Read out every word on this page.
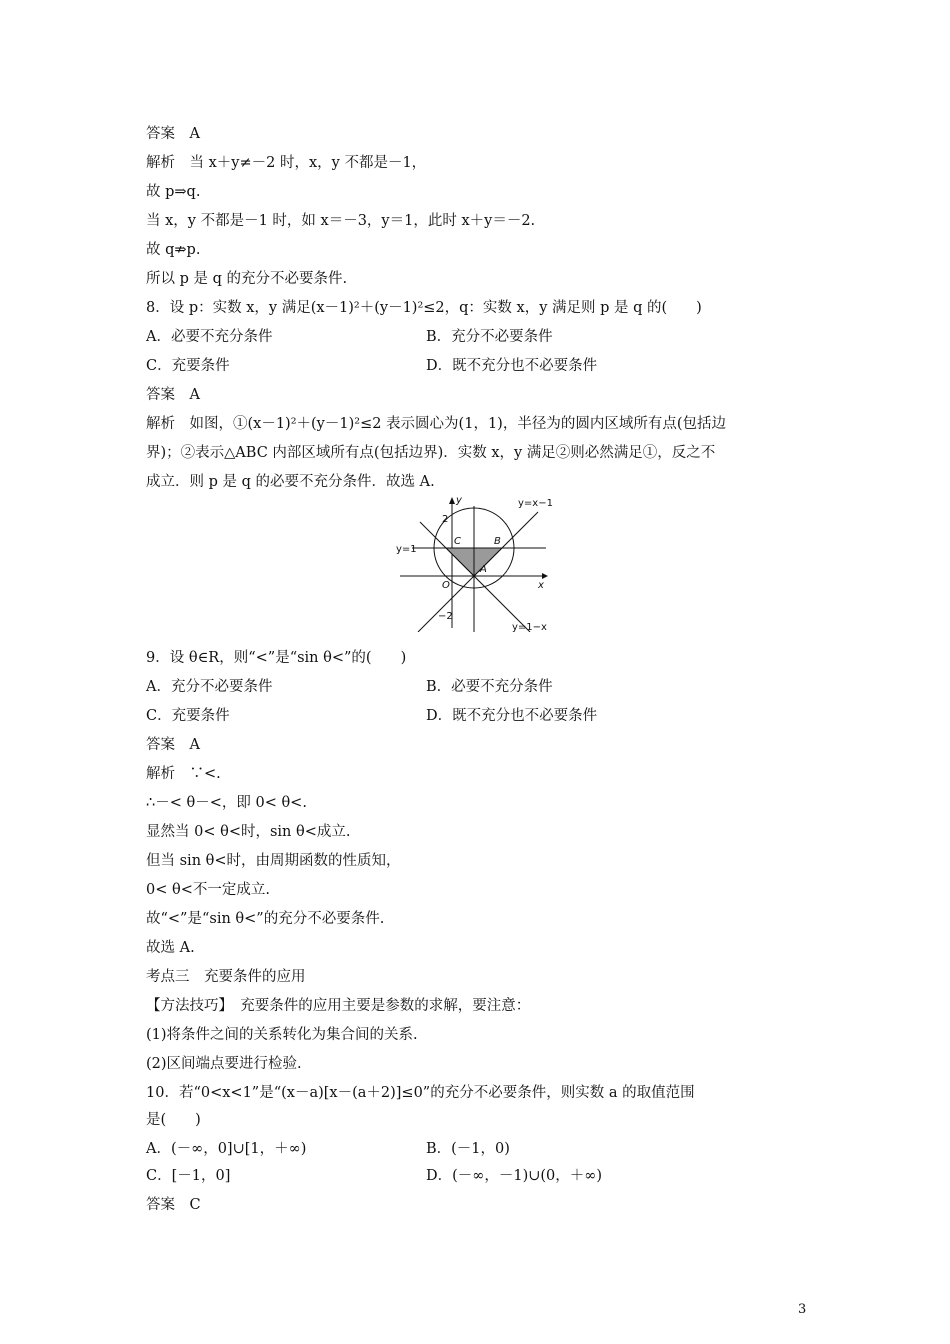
答案　A
解析　当 x＋y≠－2 时，x，y 不都是－1，
故 p⇒q.
当 x，y 不都是－1 时，如 x＝－3，y＝1，此时 x＋y＝－2.
故 q⇏p.
所以 p 是 q 的充分不必要条件.
8．设 p：实数 x，y 满足(x－1)²＋(y－1)²≤2，q：实数 x，y 满足则 p 是 q 的(　　)
A．必要不充分条件	B．充分不必要条件
C．充要条件	D．既不充分也不必要条件
答案　A
解析　如图，①(x－1)²＋(y－1)²≤2 表示圆心为(1，1)，半径为的圆内区域所有点(包括边
界)；②表示△ABC 内部区域所有点(包括边界)．实数 x，y 满足②则必然满足①，反之不
成立．则 p 是 q 的必要不充分条件．故选 A.
y
x
O
2
−2
y=1
y=x−1
y=1−x
C	B
A
9．设 θ∈R，则“<”是“sin θ<”的(　　)
A．充分不必要条件	B．必要不充分条件
C．充要条件	D．既不充分也不必要条件
答案　A
解析　∵<.
∴－< θ－<，即 0< θ<.
显然当 0< θ<时，sin θ<成立.
但当 sin θ<时，由周期函数的性质知，
0< θ<不一定成立.
故“<”是“sin θ<”的充分不必要条件.
故选 A.
考点三　充要条件的应用
【方法技巧】　充要条件的应用主要是参数的求解，要注意：
(1)将条件之间的关系转化为集合间的关系.
(2)区间端点要进行检验.
10．若“0<x<1”是“(x－a)[x－(a＋2)]≤0”的充分不必要条件，则实数 a 的取值范围
是(　　)
A．(－∞，0]∪[1，＋∞)	B．(－1，0)
C．[－1，0]	D．(－∞，－1)∪(0，＋∞)
答案　C
3
